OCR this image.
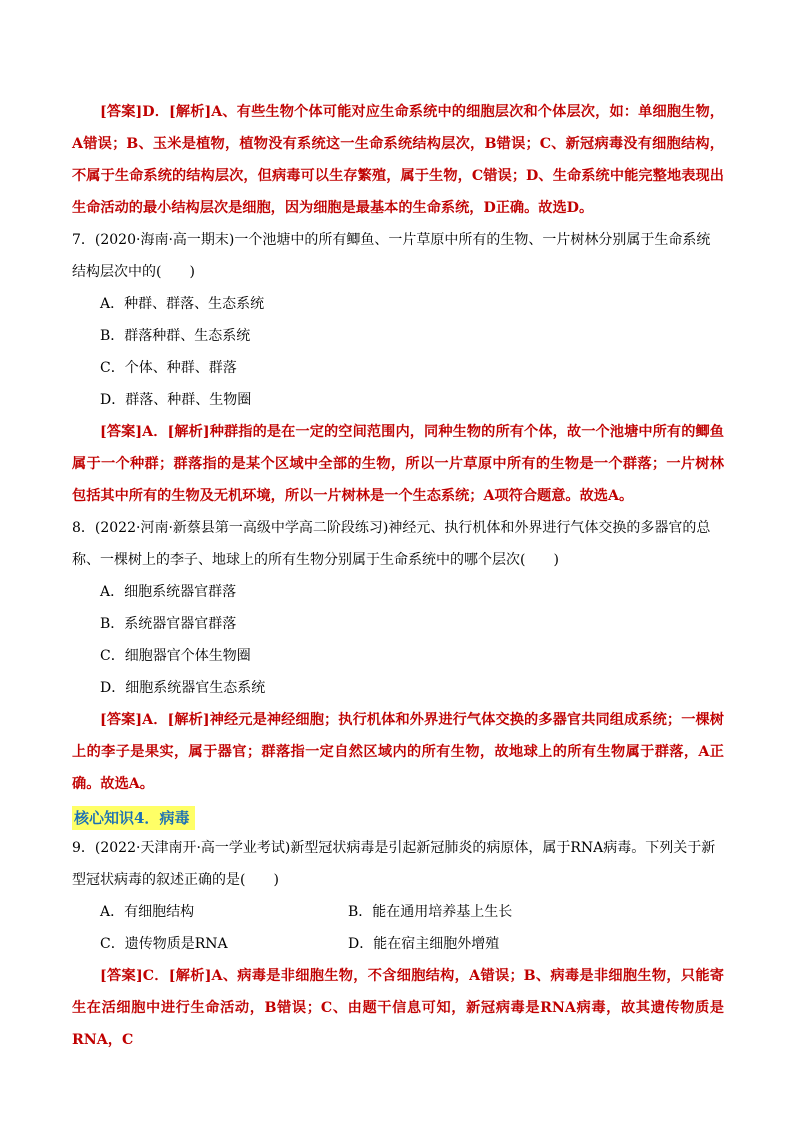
[答案]D．[解析]A、有些生物个体可能对应生命系统中的细胞层次和个体层次，如：单细胞生物，A错误；B、玉米是植物，植物没有系统这一生命系统结构层次，B错误；C、新冠病毒没有细胞结构，不属于生命系统的结构层次，但病毒可以生存繁殖，属于生物，C错误；D、生命系统中能完整地表现出生命活动的最小结构层次是细胞，因为细胞是最基本的生命系统，D正确。故选D。

7．(2020·海南·高一期末)一个池塘中的所有鲫鱼、一片草原中所有的生物、一片树林分别属于生命系统结构层次中的(　　)

A．种群、群落、生态系统

B．群落种群、生态系统

C．个体、种群、群落

D．群落、种群、生物圈

[答案]A．[解析]种群指的是在一定的空间范围内，同种生物的所有个体，故一个池塘中所有的鲫鱼属于一个种群；群落指的是某个区域中全部的生物，所以一片草原中所有的生物是一个群落；一片树林包括其中所有的生物及无机环境，所以一片树林是一个生态系统；A项符合题意。故选A。

8．(2022·河南·新蔡县第一高级中学高二阶段练习)神经元、执行机体和外界进行气体交换的多器官的总称、一棵树上的李子、地球上的所有生物分别属于生命系统中的哪个层次(　　)

A．细胞系统器官群落

B．系统器官器官群落

C．细胞器官个体生物圈

D．细胞系统器官生态系统

[答案]A．[解析]神经元是神经细胞；执行机体和外界进行气体交换的多器官共同组成系统；一棵树上的李子是果实，属于器官；群落指一定自然区域内的所有生物，故地球上的所有生物属于群落，A正确。故选A。

核心知识4．病毒

9．(2022·天津南开·高一学业考试)新型冠状病毒是引起新冠肺炎的病原体，属于RNA病毒。下列关于新型冠状病毒的叙述正确的是(　　)

A．有细胞结构	B．能在通用培养基上生长
C．遗传物质是RNA	D．能在宿主细胞外增殖

[答案]C．[解析]A、病毒是非细胞生物，不含细胞结构，A错误；B、病毒是非细胞生物，只能寄生在活细胞中进行生命活动，B错误；C、由题干信息可知，新冠病毒是RNA病毒，故其遗传物质是RNA，C
